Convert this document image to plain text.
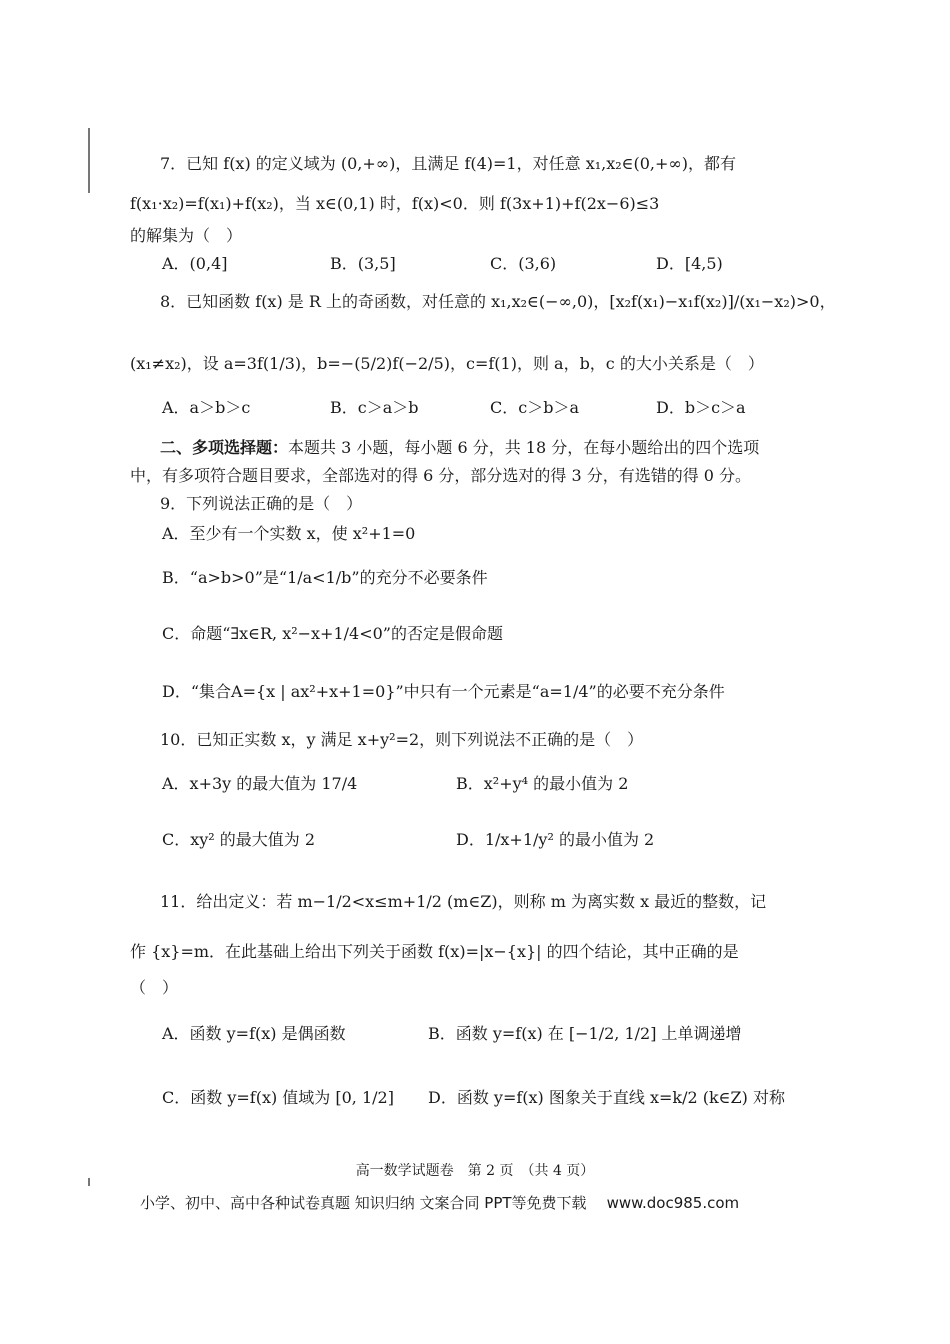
7．已知 f(x) 的定义域为 (0,+∞)，且满足 f(4)=1，对任意 x₁,x₂∈(0,+∞)，都有
f(x₁·x₂)=f(x₁)+f(x₂)，当 x∈(0,1) 时，f(x)<0．则 f(3x+1)+f(2x−6)≤3
的解集为（　）
A．(0,4]	B．(3,5]	C．(3,6)	D．[4,5)
8．已知函数 f(x) 是 R 上的奇函数，对任意的 x₁,x₂∈(−∞,0)，[x₂f(x₁)−x₁f(x₂)]/(x₁−x₂)>0，
(x₁≠x₂)，设 a=3f(1/3)，b=−(5/2)f(−2/5)，c=f(1)，则 a，b，c 的大小关系是（　）
A．a＞b＞c	B．c＞a＞b	C．c＞b＞a	D．b＞c＞a
二、多项选择题：本题共 3 小题，每小题 6 分，共 18 分，在每小题给出的四个选项
中，有多项符合题目要求，全部选对的得 6 分，部分选对的得 3 分，有选错的得 0 分。
9．下列说法正确的是（　）
A．至少有一个实数 x，使 x²+1=0
B．“a>b>0”是“1/a<1/b”的充分不必要条件
C．命题“∃x∈R, x²−x+1/4<0”的否定是假命题
D．“集合A={x | ax²+x+1=0}”中只有一个元素是“a=1/4”的必要不充分条件
10．已知正实数 x，y 满足 x+y²=2，则下列说法不正确的是（　）
A．x+3y 的最大值为 17/4	B．x²+y⁴ 的最小值为 2
C．xy² 的最大值为 2	D．1/x+1/y² 的最小值为 2
11．给出定义：若 m−1/2<x≤m+1/2 (m∈Z)，则称 m 为离实数 x 最近的整数，记
作 {x}=m．在此基础上给出下列关于函数 f(x)=|x−{x}| 的四个结论，其中正确的是
（　）
A．函数 y=f(x) 是偶函数	B．函数 y=f(x) 在 [−1/2, 1/2] 上单调递增
C．函数 y=f(x) 值域为 [0, 1/2] D．函数 y=f(x) 图象关于直线 x=k/2 (k∈Z) 对称
高一数学试题卷　第 2 页　（共 4 页）
小学、初中、高中各种试卷真题 知识归纳 文案合同 PPT等免费下载 www.doc985.com
